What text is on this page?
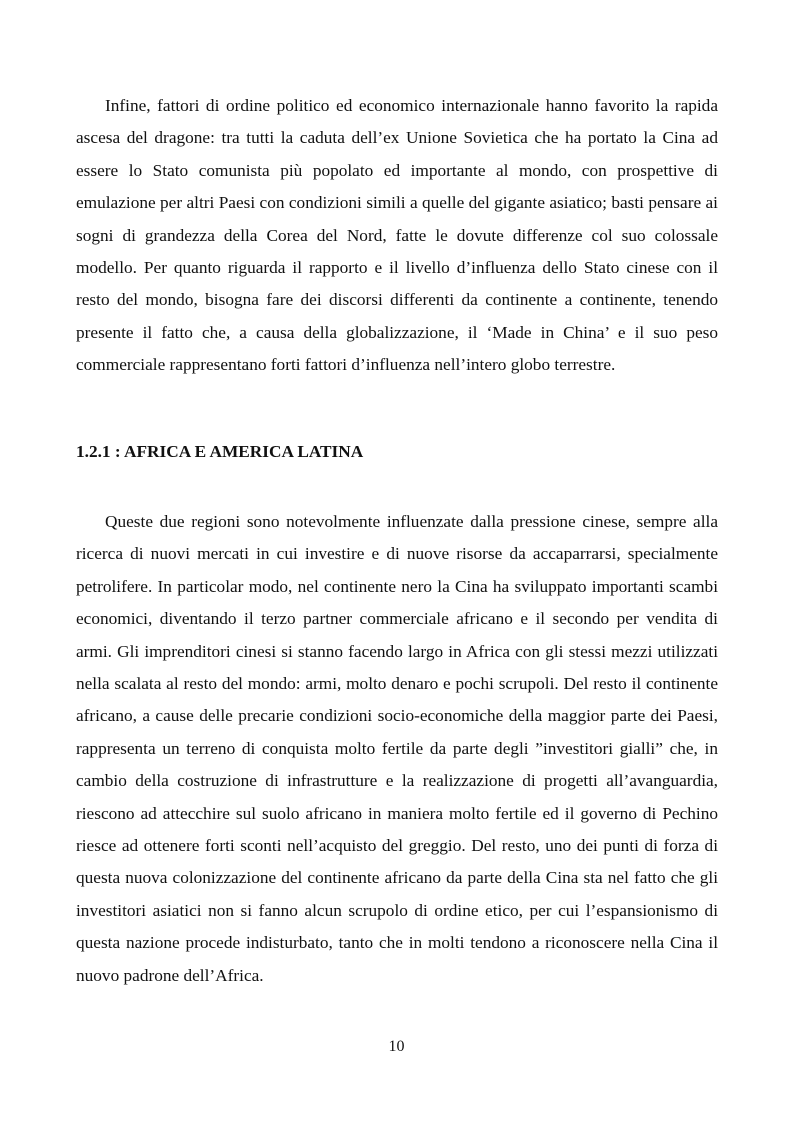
Infine, fattori di ordine politico ed economico internazionale hanno favorito la rapida ascesa del dragone: tra tutti la caduta dell’ex Unione Sovietica che ha portato la Cina ad essere lo Stato comunista più popolato ed importante al mondo, con prospettive di emulazione per altri Paesi con condizioni simili a quelle del gigante asiatico; basti pensare ai sogni di grandezza della Corea del Nord, fatte le dovute differenze col suo colossale modello. Per quanto riguarda il rapporto e il livello d’influenza dello Stato cinese con il resto del mondo, bisogna fare dei discorsi differenti da continente a continente, tenendo presente il fatto che, a causa della globalizzazione, il ‘Made in China’ e il suo peso commerciale rappresentano forti fattori d’influenza nell’intero globo terrestre.

1.2.1 : AFRICA E AMERICA LATINA

Queste due regioni sono notevolmente influenzate dalla pressione cinese, sempre alla ricerca di nuovi mercati in cui investire e di nuove risorse da accaparrarsi, specialmente petrolifere. In particolar modo, nel continente nero la Cina ha sviluppato importanti scambi economici, diventando il terzo partner commerciale africano e il secondo per vendita di armi. Gli imprenditori cinesi si stanno facendo largo in Africa con gli stessi mezzi utilizzati nella scalata al resto del mondo: armi, molto denaro e pochi scrupoli. Del resto il continente africano, a cause delle precarie condizioni socio-economiche della maggior parte dei Paesi, rappresenta un terreno di conquista molto fertile da parte degli ”investitori gialli” che, in cambio della costruzione di infrastrutture e la realizzazione di progetti all’avanguardia, riescono ad attecchire sul suolo africano in maniera molto fertile ed il governo di Pechino riesce ad ottenere forti sconti nell’acquisto del greggio. Del resto, uno dei punti di forza di questa nuova colonizzazione del continente africano da parte della Cina sta nel fatto che gli investitori asiatici non si fanno alcun scrupolo di ordine etico, per cui l’espansionismo di questa nazione procede indisturbato, tanto che in molti tendono a riconoscere nella Cina il nuovo padrone dell’Africa.

10
